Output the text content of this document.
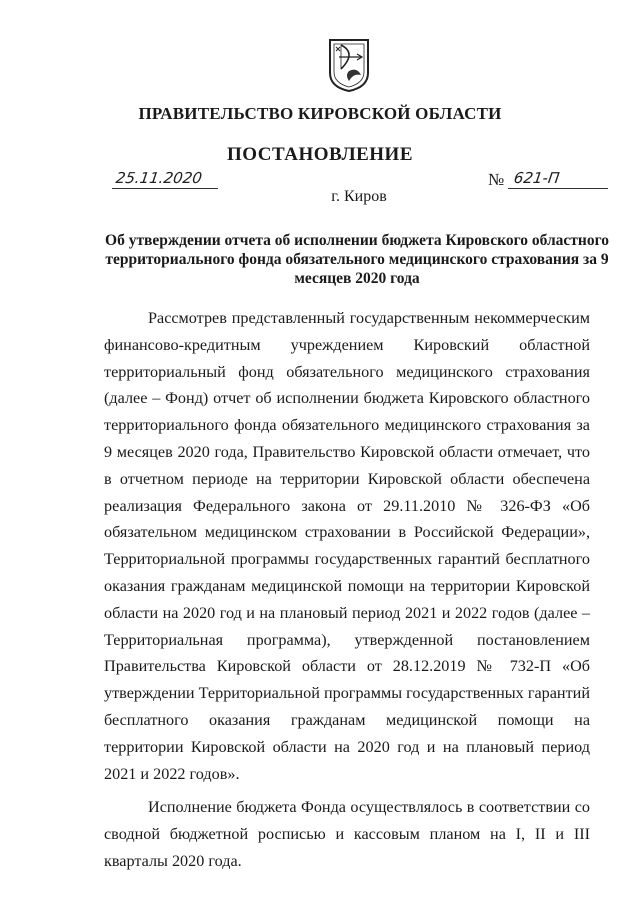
ПРАВИТЕЛЬСТВО КИРОВСКОЙ ОБЛАСТИ
ПОСТАНОВЛЕНИЕ
25.11.2020	№ 621-П
г. Киров
Об утверждении отчета об исполнении бюджета Кировского областного территориального фонда обязательного медицинского страхования за 9 месяцев 2020 года

Рассмотрев представленный государственным некоммерческим финансово-кредитным учреждением Кировский областной территориальный фонд обязательного медицинского страхования (далее – Фонд) отчет об исполнении бюджета Кировского областного территориального фонда обязательного медицинского страхования за 9 месяцев 2020 года, Правительство Кировской области отмечает, что в отчетном периоде на территории Кировской области обеспечена реализация Федерального закона от 29.11.2010 № 326-ФЗ «Об обязательном медицинском страховании в Российской Федерации», Территориальной программы государственных гарантий бесплатного оказания гражданам медицинской помощи на территории Кировской области на 2020 год и на плановый период 2021 и 2022 годов (далее – Территориальная программа), утвержденной постановлением Правительства Кировской области от 28.12.2019 № 732-П «Об утверждении Территориальной программы государственных гарантий бесплатного оказания гражданам медицинской помощи на территории Кировской области на 2020 год и на плановый период 2021 и 2022 годов».

Исполнение бюджета Фонда осуществлялось в соответствии со сводной бюджетной росписью и кассовым планом на I, II и III кварталы 2020 года.
